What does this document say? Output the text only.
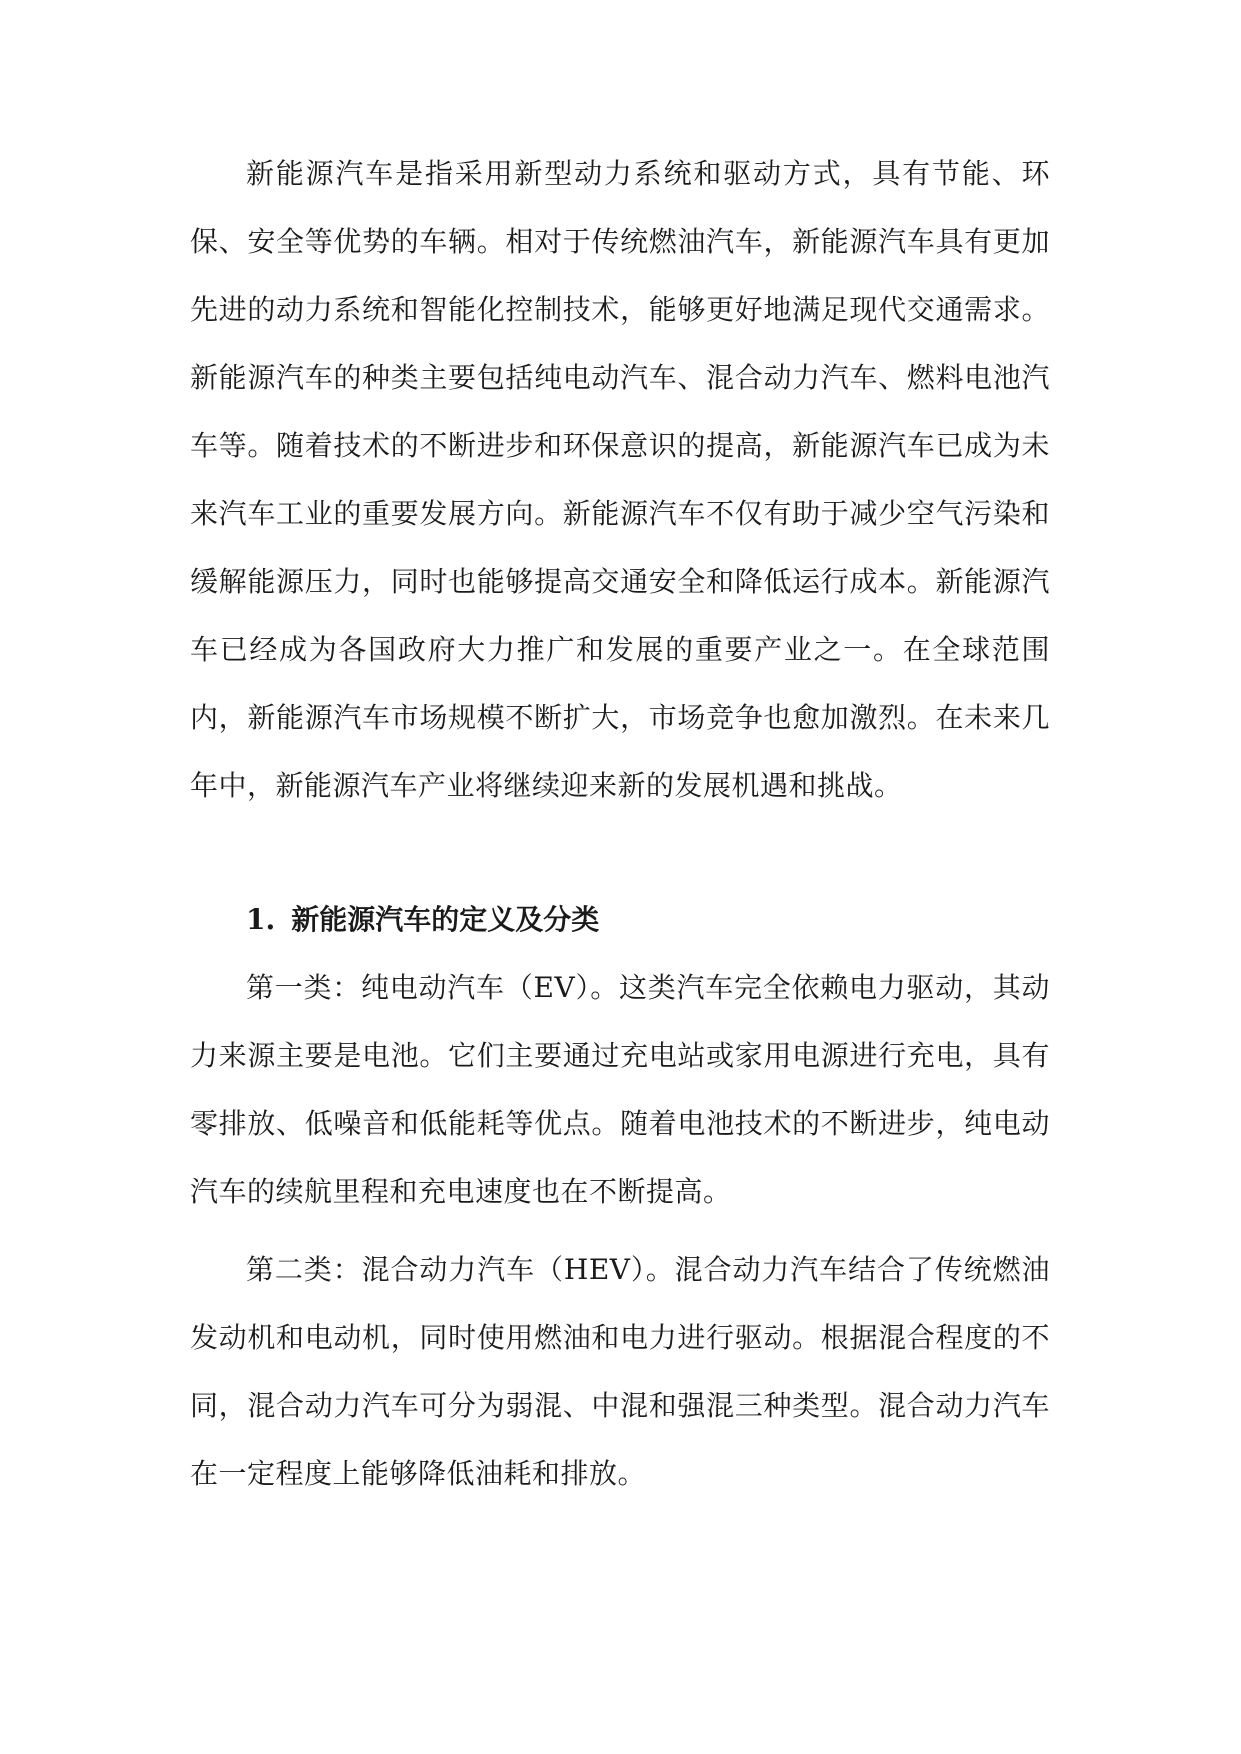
新能源汽车是指采用新型动力系统和驱动方式，具有节能、环保、安全等优势的车辆。相对于传统燃油汽车，新能源汽车具有更加先进的动力系统和智能化控制技术，能够更好地满足现代交通需求。新能源汽车的种类主要包括纯电动汽车、混合动力汽车、燃料电池汽车等。随着技术的不断进步和环保意识的提高，新能源汽车已成为未来汽车工业的重要发展方向。新能源汽车不仅有助于减少空气污染和缓解能源压力，同时也能够提高交通安全和降低运行成本。新能源汽车已经成为各国政府大力推广和发展的重要产业之一。在全球范围内，新能源汽车市场规模不断扩大，市场竞争也愈加激烈。在未来几年中，新能源汽车产业将继续迎来新的发展机遇和挑战。

1. 新能源汽车的定义及分类

第一类：纯电动汽车（EV）。这类汽车完全依赖电力驱动，其动力来源主要是电池。它们主要通过充电站或家用电源进行充电，具有零排放、低噪音和低能耗等优点。随着电池技术的不断进步，纯电动汽车的续航里程和充电速度也在不断提高。

第二类：混合动力汽车（HEV）。混合动力汽车结合了传统燃油发动机和电动机，同时使用燃油和电力进行驱动。根据混合程度的不同，混合动力汽车可分为弱混、中混和强混三种类型。混合动力汽车在一定程度上能够降低油耗和排放。
